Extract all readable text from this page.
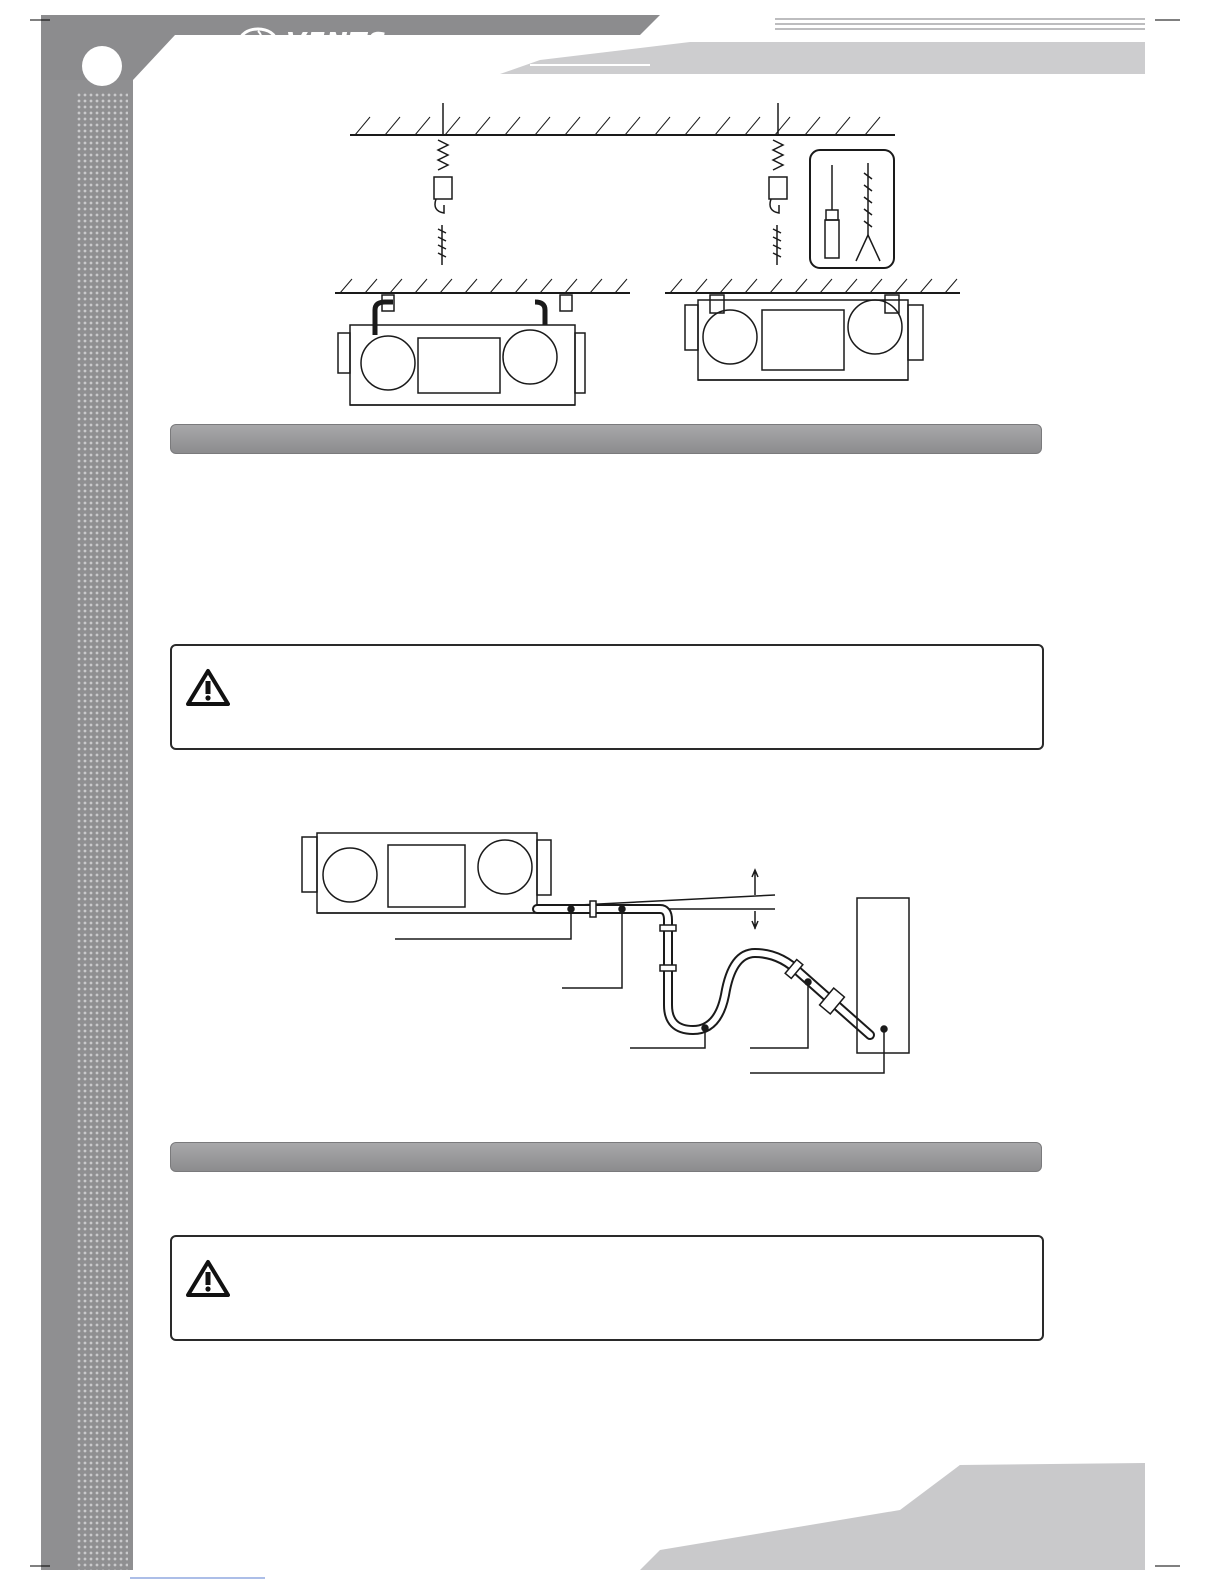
VENTS
